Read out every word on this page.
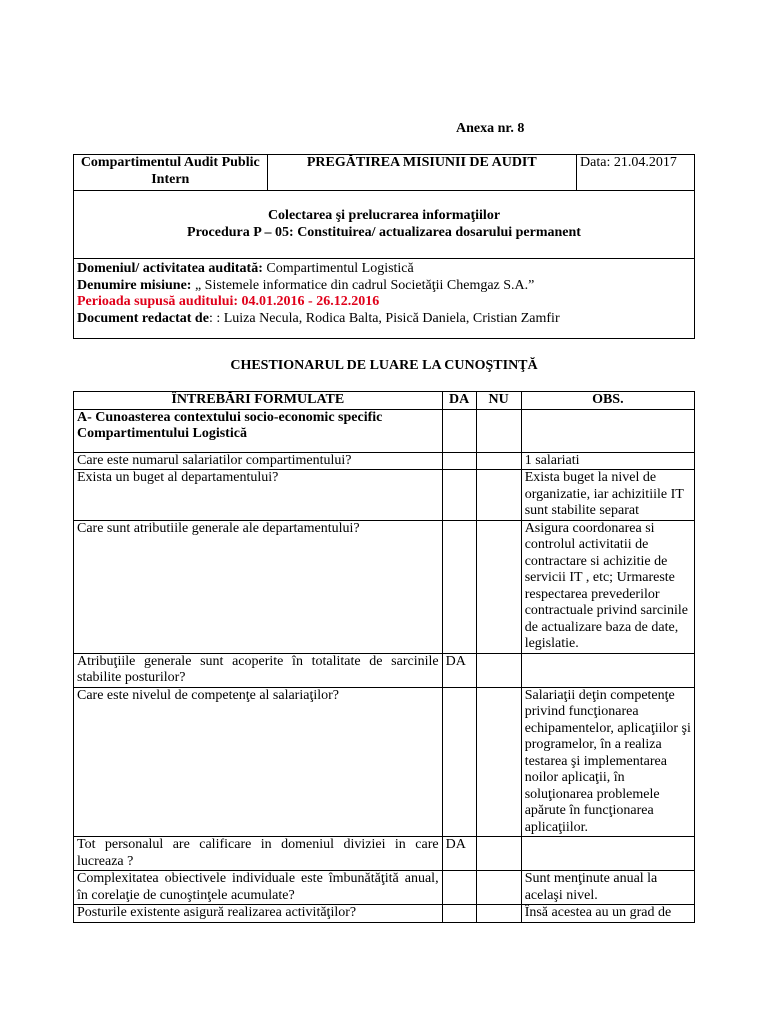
Anexa nr. 8
Compartimentul Audit Public Intern	PREGĂTIREA MISIUNII DE AUDIT	Data: 21.04.2017

Colectarea şi prelucrarea informaţiilor
Procedura P – 05: Constituirea/ actualizarea dosarului permanent

Domeniul/ activitatea auditată: Compartimentul Logistică
Denumire misiune: „ Sistemele informatice din cadrul Societăţii Chemgaz S.A.”
Perioada supusă auditului: 04.01.2016 - 26.12.2016
Document redactat de: : Luiza Necula, Rodica Balta, Pisică Daniela, Cristian Zamfir
CHESTIONARUL DE LUARE LA CUNOŞTINŢĂ
ÎNTREBĂRI FORMULATE	DA	NU	OBS.
A- Cunoasterea contextului socio-economic specific Compartimentului Logistică			
Care este numarul salariatilor compartimentului?			1 salariati
Exista un buget al departamentului?			Exista buget la nivel de organizatie, iar achizitiile IT sunt stabilite separat
Care sunt atributiile generale ale departamentului?			Asigura coordonarea si controlul activitatii de contractare si achizitie de servicii IT , etc; Urmareste respectarea prevederilor contractuale privind sarcinile de actualizare baza de date, legislatie.
Atribuţiile generale sunt acoperite în totalitate de sarcinile stabilite posturilor?	DA		
Care este nivelul de competenţe al salariaţilor?			Salariaţii deţin competenţe privind funcţionarea echipamentelor, aplicaţiilor şi programelor, în a realiza testarea şi implementarea noilor aplicaţii, în soluţionarea problemele apărute în funcţionarea aplicaţiilor.
Tot personalul are calificare in domeniul diviziei in care lucreaza ?	DA		
Complexitatea obiectivele individuale este îmbunătăţită anual, în corelaţie de cunoştinţele acumulate?			Sunt menţinute anual la acelaşi nivel.
Posturile existente asigură realizarea activităţilor?			Însă acestea au un grad de
